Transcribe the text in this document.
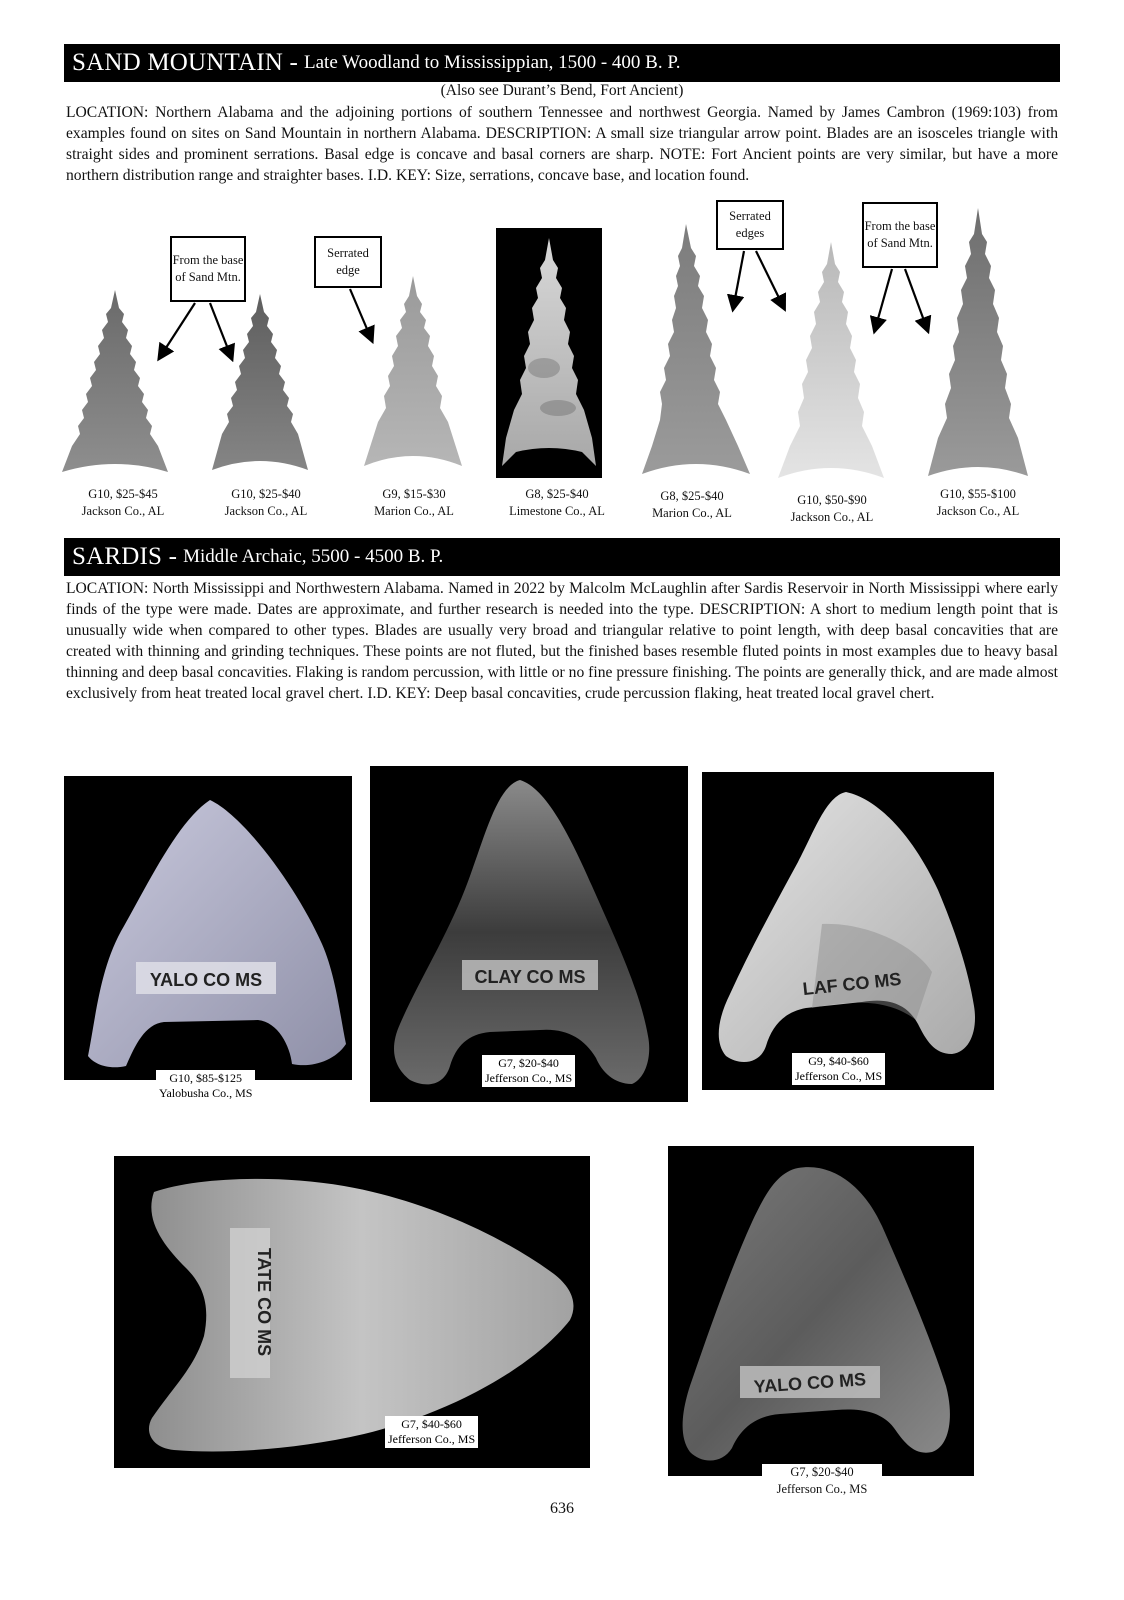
SAND MOUNTAIN - Late Woodland to Mississippian, 1500 - 400 B. P.
(Also see Durant’s Bend, Fort Ancient)

LOCATION: Northern Alabama and the adjoining portions of southern Tennessee and northwest Georgia. Named by James Cambron (1969:103) from examples found on sites on Sand Mountain in northern Alabama. DESCRIPTION: A small size triangular arrow point. Blades are an isosceles triangle with straight sides and prominent serrations. Basal edge is concave and basal corners are sharp. NOTE: Fort Ancient points are very similar, but have a more northern distribution range and straighter bases. I.D. KEY: Size, serrations, concave base, and location found.

From the base of Sand Mtn.
Serrated edge
Serrated edges	From the base of Sand Mtn.
G10, $25-$45
Jackson Co., AL
G10, $25-$40
Jackson Co., AL
G9, $15-$30
Marion Co., AL
G8, $25-$40
Limestone Co., AL
G8, $25-$40
Marion Co., AL
G10, $50-$90
Jackson Co., AL
G10, $55-$100
Jackson Co., AL
SARDIS - Middle Archaic, 5500 - 4500 B. P.

LOCATION: North Mississippi and Northwestern Alabama. Named in 2022 by Malcolm McLaughlin after Sardis Reservoir in North Mississippi where early finds of the type were made. Dates are approximate, and further research is needed into the type. DESCRIPTION: A short to medium length point that is unusually wide when compared to other types. Blades are usually very broad and triangular relative to point length, with deep basal concavities that are created with thinning and grinding techniques. These points are not fluted, but the finished bases resemble fluted points in most examples due to heavy basal thinning and deep basal concavities. Flaking is random percussion, with little or no fine pressure finishing. The points are generally thick, and are made almost exclusively from heat treated local gravel chert. I.D. KEY: Deep basal concavities, crude percussion flaking, heat treated local gravel chert.

YALO CO MS
G10, $85-$125
Yalobusha Co., MS
CLAY CO MS
G7, $20-$40
Jefferson Co., MS
LAF CO MS
G9, $40-$60
Jefferson Co., MS
TATE CO MS
G7, $40-$60
Jefferson Co., MS
YALO CO MS
G7, $20-$40
Jefferson Co., MS
636
